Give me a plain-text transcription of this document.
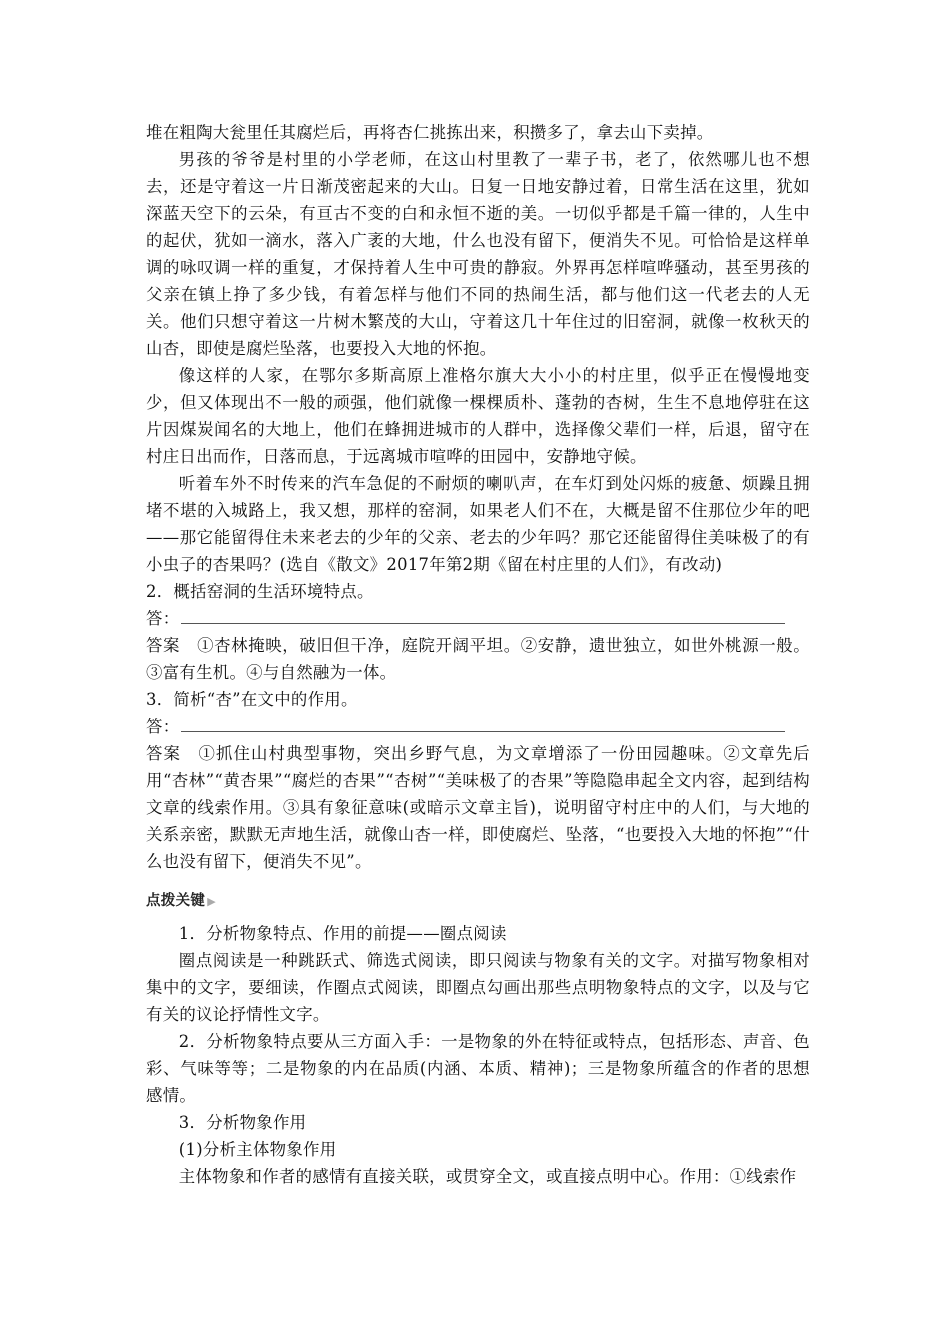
堆在粗陶大瓮里任其腐烂后，再将杏仁挑拣出来，积攒多了，拿去山下卖掉。

男孩的爷爷是村里的小学老师，在这山村里教了一辈子书，老了，依然哪儿也不想去，还是守着这一片日渐茂密起来的大山。日复一日地安静过着，日常生活在这里，犹如深蓝天空下的云朵，有亘古不变的白和永恒不逝的美。一切似乎都是千篇一律的，人生中的起伏，犹如一滴水，落入广袤的大地，什么也没有留下，便消失不见。可恰恰是这样单调的咏叹调一样的重复，才保持着人生中可贵的静寂。外界再怎样喧哗骚动，甚至男孩的父亲在镇上挣了多少钱，有着怎样与他们不同的热闹生活，都与他们这一代老去的人无关。他们只想守着这一片树木繁茂的大山，守着这几十年住过的旧窑洞，就像一枚秋天的山杏，即使是腐烂坠落，也要投入大地的怀抱。

像这样的人家，在鄂尔多斯高原上准格尔旗大大小小的村庄里，似乎正在慢慢地变少，但又体现出不一般的顽强，他们就像一棵棵质朴、蓬勃的杏树，生生不息地停驻在这片因煤炭闻名的大地上，他们在蜂拥进城市的人群中，选择像父辈们一样，后退，留守在村庄日出而作，日落而息，于远离城市喧哗的田园中，安静地守候。

听着车外不时传来的汽车急促的不耐烦的喇叭声，在车灯到处闪烁的疲惫、烦躁且拥堵不堪的入城路上，我又想，那样的窑洞，如果老人们不在，大概是留不住那位少年的吧——那它能留得住未来老去的少年的父亲、老去的少年吗？那它还能留得住美味极了的有小虫子的杏果吗？(选自《散文》2017年第2期《留在村庄里的人们》，有改动)

2．概括窑洞的生活环境特点。

答：

答案　①杏林掩映，破旧但干净，庭院开阔平坦。②安静，遗世独立，如世外桃源一般。③富有生机。④与自然融为一体。

3．简析“杏”在文中的作用。

答：

答案　①抓住山村典型事物，突出乡野气息，为文章增添了一份田园趣味。②文章先后用“杏林”“黄杏果”“腐烂的杏果”“杏树”“美味极了的杏果”等隐隐串起全文内容，起到结构文章的线索作用。③具有象征意味(或暗示文章主旨)，说明留守村庄中的人们，与大地的关系亲密，默默无声地生活，就像山杏一样，即使腐烂、坠落，“也要投入大地的怀抱”“什么也没有留下，便消失不见”。

点拨关键 ▶

1．分析物象特点、作用的前提——圈点阅读

圈点阅读是一种跳跃式、筛选式阅读，即只阅读与物象有关的文字。对描写物象相对集中的文字，要细读，作圈点式阅读，即圈点勾画出那些点明物象特点的文字，以及与它有关的议论抒情性文字。

2．分析物象特点要从三方面入手：一是物象的外在特征或特点，包括形态、声音、色彩、气味等等；二是物象的内在品质(内涵、本质、精神)；三是物象所蕴含的作者的思想感情。

3．分析物象作用

(1)分析主体物象作用

主体物象和作者的感情有直接关联，或贯穿全文，或直接点明中心。作用：①线索作
